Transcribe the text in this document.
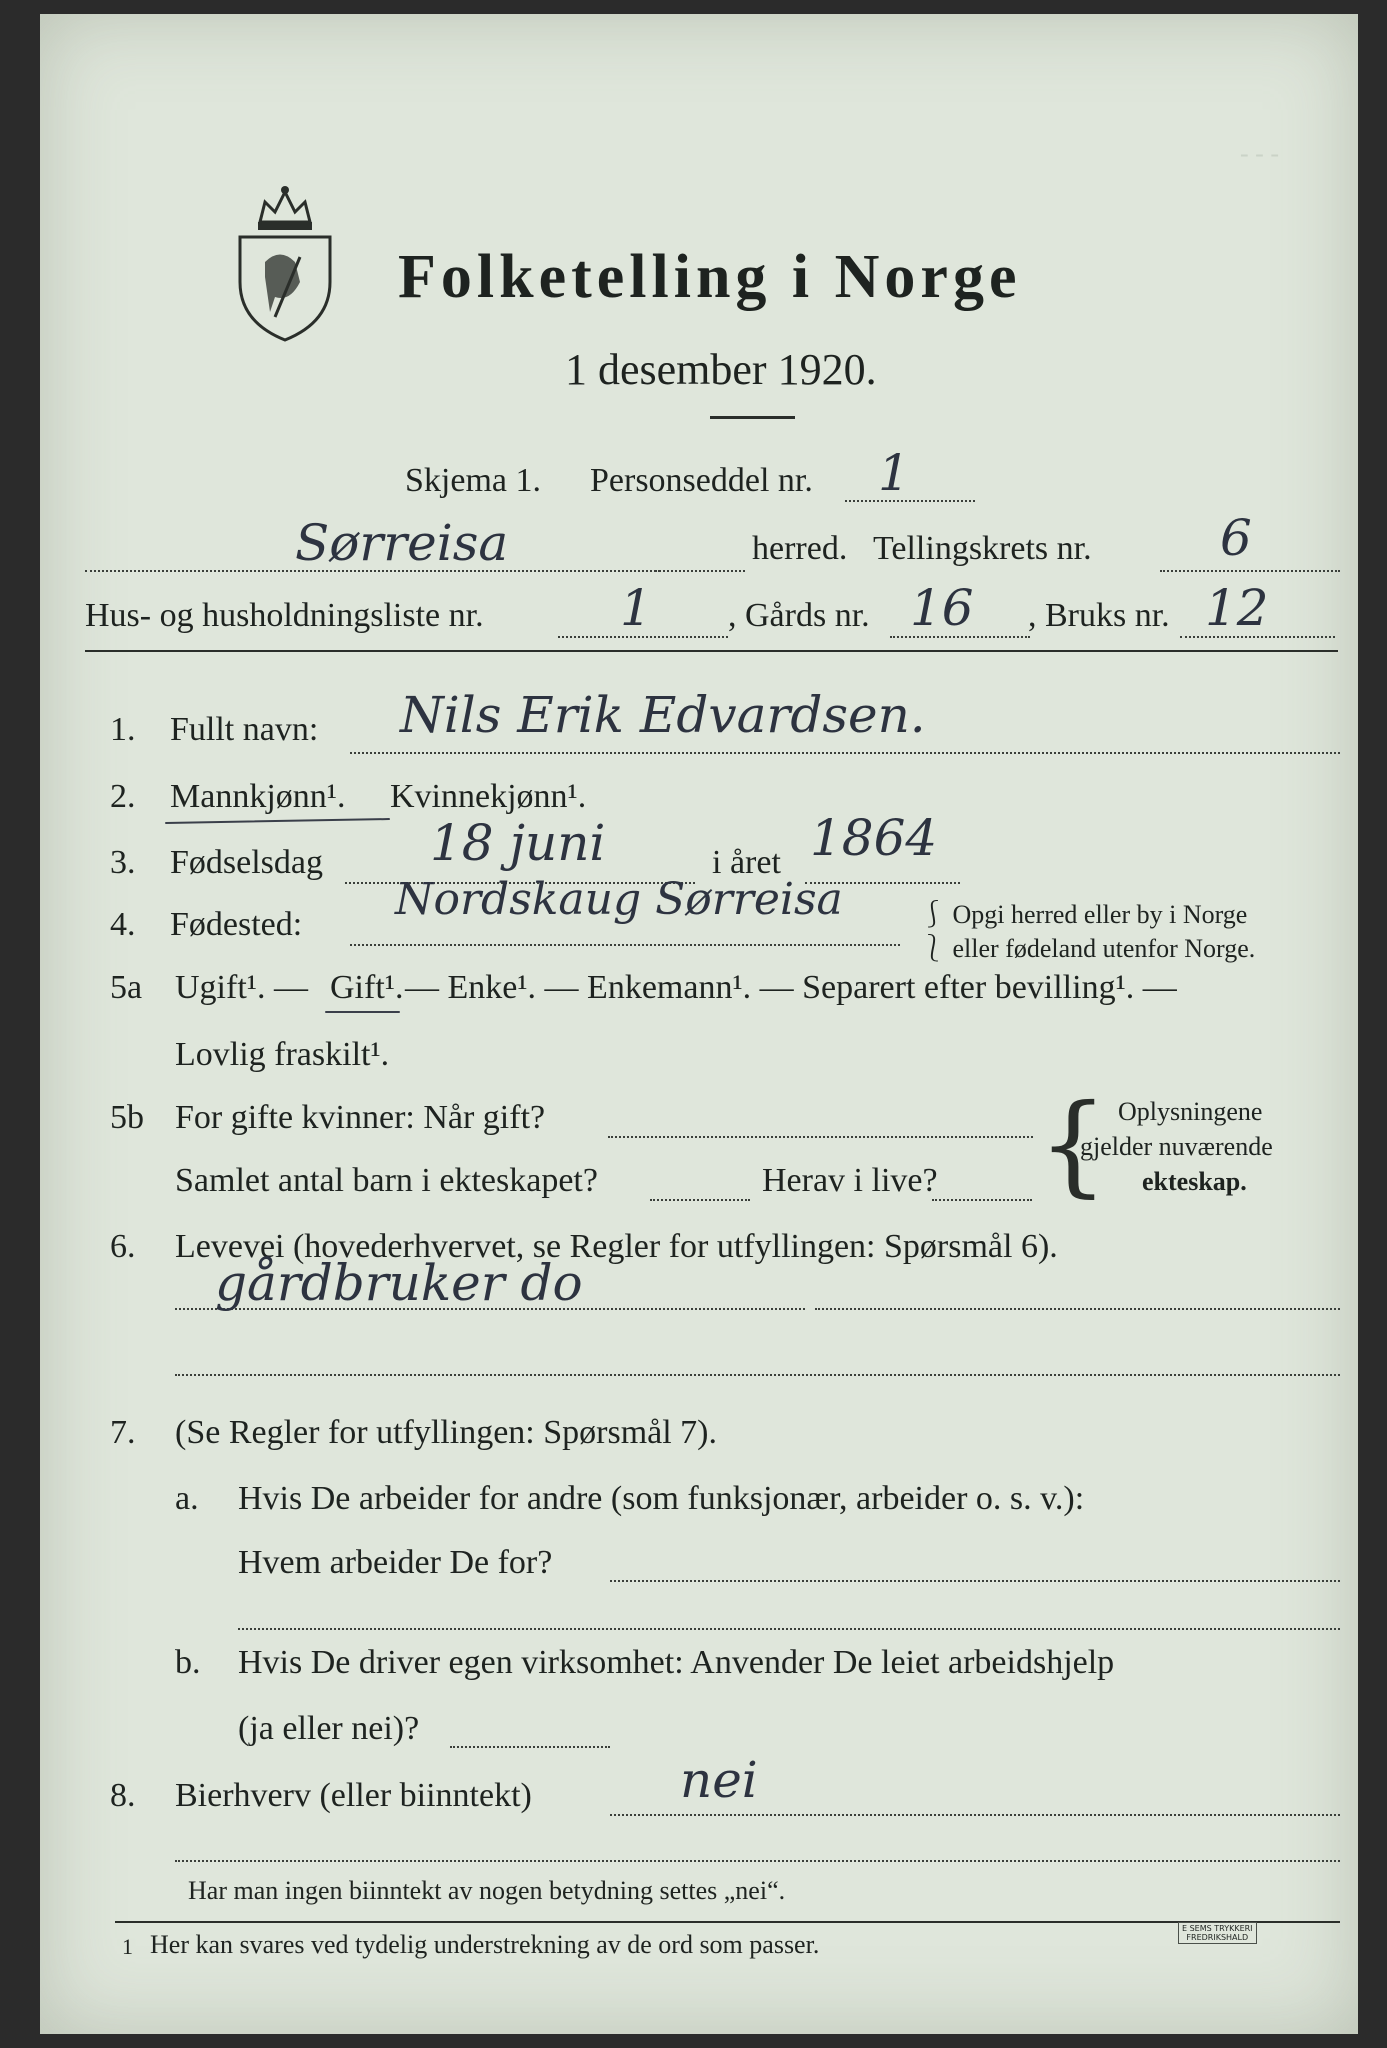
‑ ‑ ‑
Folketelling i Norge
1 desember 1920.
Skjema 1. Personseddel nr. 1
Sørreisa	herred. Tellingskrets nr.	6
Hus- og husholdningsliste nr.	1 , Gårds nr. 16 , Bruks nr. 12
1. Fullt navn: Nils Erik Edvardsen.
2. Mannkjønn¹. Kvinnekjønn¹.
3. Fødselsdag 18 juni	i året 1864
4. Fødested: Nordskaug Sørreisa	⎰ Opgi herred eller by i Norge
⎱ eller fødeland utenfor Norge.
5a Ugift¹. — Gift¹. — Enke¹. — Enkemann¹. — Separert efter bevilling¹. —
Lovlig fraskilt¹.
5b For gifte kvinner: Når gift?
Samlet antal barn i ekteskapet?	Herav i live? { Oplysningene
gjelder nuværende
ekteskap.
6. Levevei (hovederhvervet, se Regler for utfyllingen: Spørsmål 6).
gårdbruker do
7. (Se Regler for utfyllingen: Spørsmål 7).
a. Hvis De arbeider for andre (som funksjonær, arbeider o. s. v.):
Hvem arbeider De for?
b. Hvis De driver egen virksomhet: Anvender De leiet arbeidshjelp
(ja eller nei)?
8. Bierhverv (eller biinntekt)	nei
Har man ingen biinntekt av nogen betydning settes „nei“.
1 Her kan svares ved tydelig understrekning av de ord som passer.
E SEMS TRYKKERI
FREDRIKSHALD
